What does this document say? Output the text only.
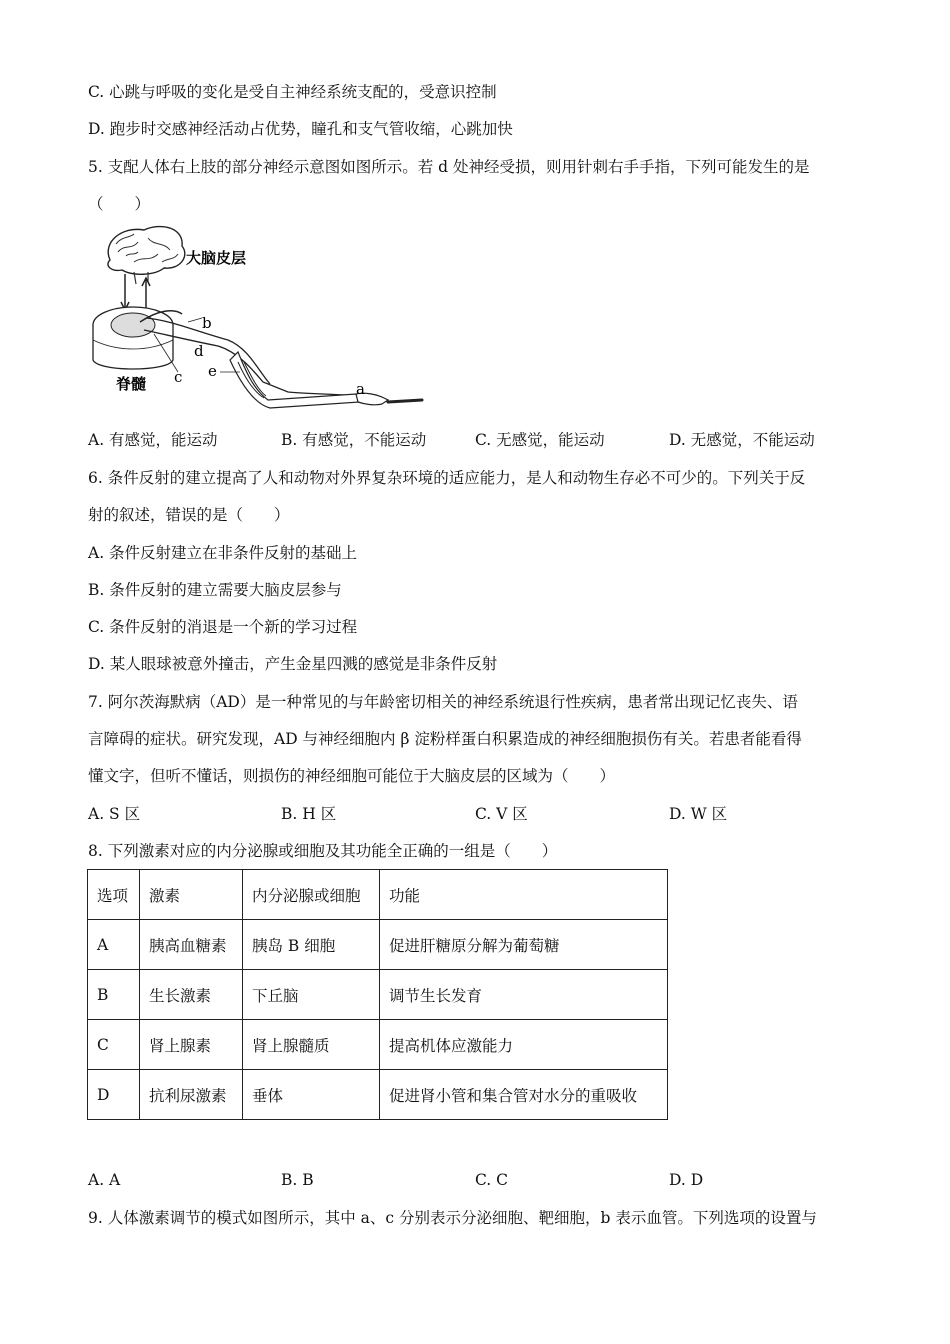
C. 心跳与呼吸的变化是受自主神经系统支配的，受意识控制
D. 跑步时交感神经活动占优势，瞳孔和支气管收缩，心跳加快
5. 支配人体右上肢的部分神经示意图如图所示。若 d 处神经受损，则用针刺右手手指，下列可能发生的是
（　　）
大脑皮层
b
d
c e
a
脊髓
A. 有感觉，能运动	B. 有感觉，不能运动	C. 无感觉，能运动	D. 无感觉，不能运动
6. 条件反射的建立提高了人和动物对外界复杂环境的适应能力，是人和动物生存必不可少的。下列关于反
射的叙述，错误的是（　　）
A. 条件反射建立在非条件反射的基础上
B. 条件反射的建立需要大脑皮层参与
C. 条件反射的消退是一个新的学习过程
D. 某人眼球被意外撞击，产生金星四溅的感觉是非条件反射
7. 阿尔茨海默病（AD）是一种常见的与年龄密切相关的神经系统退行性疾病，患者常出现记忆丧失、语
言障碍的症状。研究发现，AD 与神经细胞内 β 淀粉样蛋白积累造成的神经细胞损伤有关。若患者能看得
懂文字，但听不懂话，则损伤的神经细胞可能位于大脑皮层的区域为（　　）
A. S 区	B. H 区	C. V 区	D. W 区
8. 下列激素对应的内分泌腺或细胞及其功能全正确的一组是（　　）
选项	激素	内分泌腺或细胞	功能
A	胰高血糖素	胰岛 B 细胞	促进肝糖原分解为葡萄糖
B	生长激素	下丘脑	调节生长发育
C	肾上腺素	肾上腺髓质	提高机体应激能力
D	抗利尿激素	垂体	促进肾小管和集合管对水分的重吸收
A. A	B. B	C. C	D. D
9. 人体激素调节的模式如图所示，其中 a、c 分别表示分泌细胞、靶细胞，b 表示血管。下列选项的设置与
